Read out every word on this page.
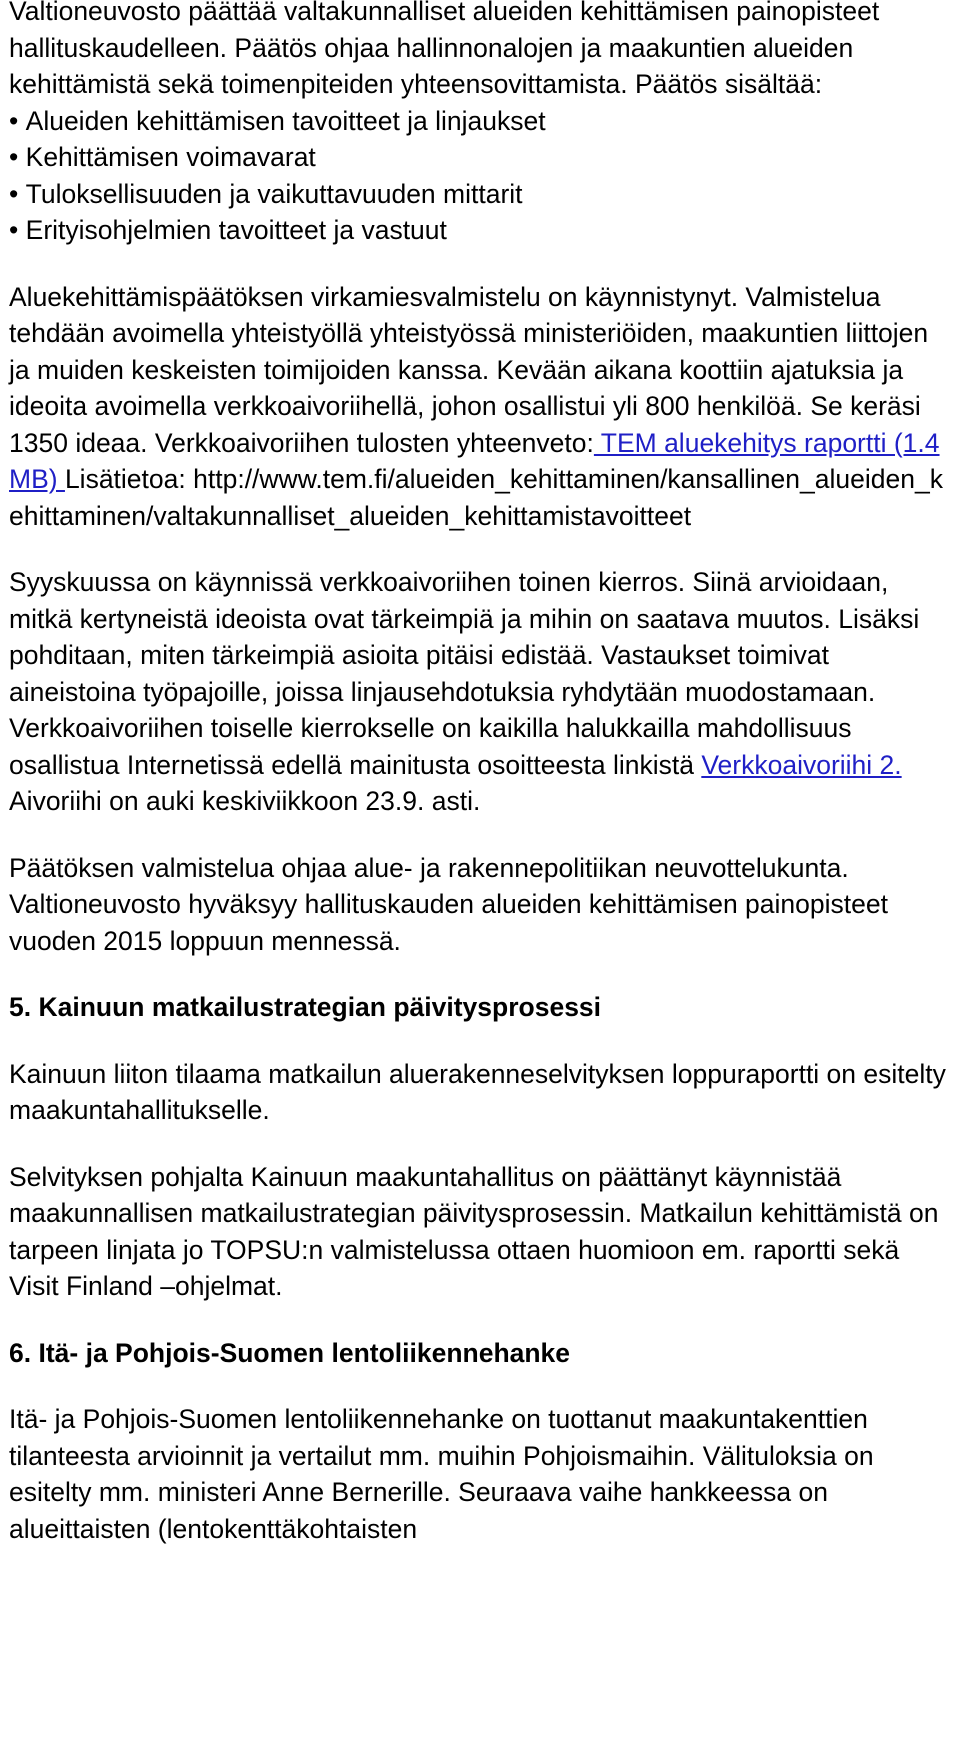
Valtioneuvosto päättää valtakunnalliset alueiden kehittämisen painopisteet hallituskaudelleen. Päätös ohjaa hallinnonalojen ja maakuntien alueiden kehittämistä sekä toimenpiteiden yhteensovittamista. Päätös sisältää:

• Alueiden kehittämisen tavoitteet ja linjaukset
• Kehittämisen voimavarat
• Tuloksellisuuden ja vaikuttavuuden mittarit
• Erityisohjelmien tavoitteet ja vastuut

Aluekehittämispäätöksen virkamiesvalmistelu on käynnistynyt. Valmistelua tehdään avoimella yhteistyöllä yhteistyössä ministeriöiden, maakuntien liittojen ja muiden keskeisten toimijoiden kanssa. Kevään aikana koottiin ajatuksia ja ideoita avoimella verkkoaivoriihellä, johon osallistui yli 800 henkilöä. Se keräsi 1350 ideaa. Verkkoaivoriihen tulosten yhteenveto: TEM aluekehitys raportti (1.4 MB) Lisätietoa: http://www.tem.fi/alueiden_kehittaminen/kansallinen_alueiden_kehittaminen/valtakunnalliset_alueiden_kehittamistavoitteet

Syyskuussa on käynnissä verkkoaivoriihen toinen kierros. Siinä arvioidaan, mitkä kertyneistä ideoista ovat tärkeimpiä ja mihin on saatava muutos. Lisäksi pohditaan, miten tärkeimpiä asioita pitäisi edistää. Vastaukset toimivat aineistoina työpajoille, joissa linjausehdotuksia ryhdytään muodostamaan. Verkkoaivoriihen toiselle kierrokselle on kaikilla halukkailla mahdollisuus osallistua Internetissä edellä mainitusta osoitteesta linkistä Verkkoaivoriihi 2. Aivoriihi on auki keskiviikkoon 23.9. asti.

Päätöksen valmistelua ohjaa alue- ja rakennepolitiikan neuvottelukunta. Valtioneuvosto hyväksyy hallituskauden alueiden kehittämisen painopisteet vuoden 2015 loppuun mennessä.

5. Kainuun matkailustrategian päivitysprosessi

Kainuun liiton tilaama matkailun aluerakenneselvityksen loppuraportti on esitelty maakuntahallitukselle.

Selvityksen pohjalta Kainuun maakuntahallitus on päättänyt käynnistää maakunnallisen matkailustrategian päivitysprosessin. Matkailun kehittämistä on tarpeen linjata jo TOPSU:n valmistelussa ottaen huomioon em. raportti sekä Visit Finland –ohjelmat.

6. Itä- ja Pohjois-Suomen lentoliikennehanke

Itä- ja Pohjois-Suomen lentoliikennehanke on tuottanut maakuntakenttien tilanteesta arvioinnit ja vertailut mm. muihin Pohjoismaihin. Välituloksia on esitelty mm. ministeri Anne Bernerille. Seuraava vaihe hankkeessa on alueittaisten (lentokenttäkohtaisten
